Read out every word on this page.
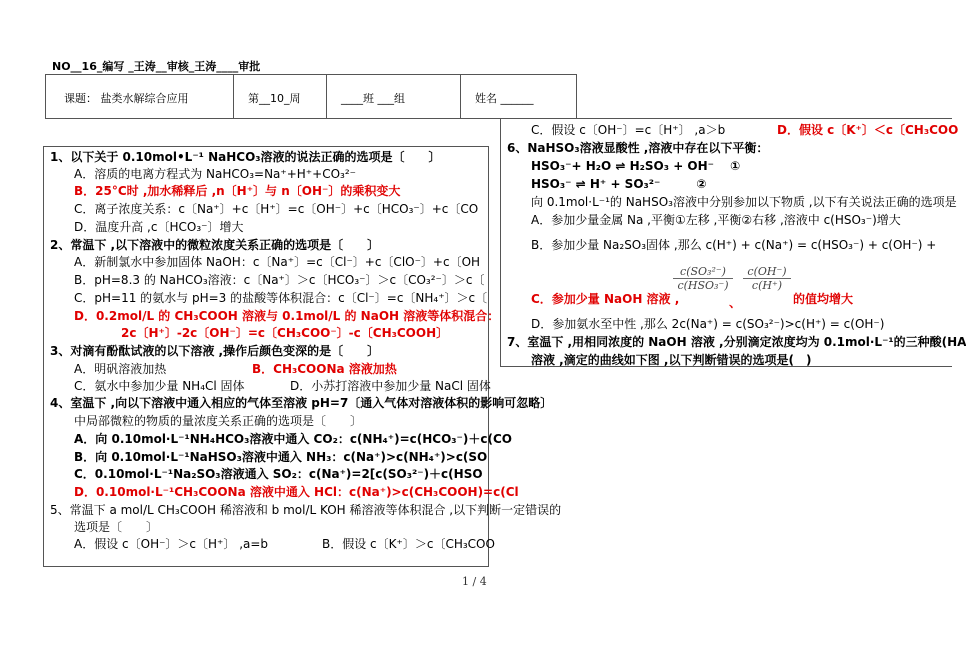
NO__16_编写 _王涛__审核_王涛____审批
课题： 盐类水解综合应用	第__10_周	____班 ___组	姓名 ______
1、以下关于 0.10mol•L⁻¹ NaHCO₃溶液的说法正确的选项是〔　　〕
A．溶质的电离方程式为 NaHCO₃=Na⁺+H⁺+CO₃²⁻
B．25°C时 ,加水稀释后 ,n〔H⁺〕与 n〔OH⁻〕的乘积变大
C．离子浓度关系：c〔Na⁺〕+c〔H⁺〕=c〔OH⁻〕+c〔HCO₃⁻〕+c〔CO
D．温度升高 ,c〔HCO₃⁻〕增大
2、常温下 ,以下溶液中的微粒浓度关系正确的选项是〔　　〕
A．新制氯水中参加固体 NaOH：c〔Na⁺〕=c〔Cl⁻〕+c〔ClO⁻〕+c〔OH
B．pH=8.3 的 NaHCO₃溶液：c〔Na⁺〕＞c〔HCO₃⁻〕＞c〔CO₃²⁻〕＞c〔
C．pH=11 的氨水与 pH=3 的盐酸等体积混合：c〔Cl⁻〕=c〔NH₄⁺〕＞c〔
D．0.2mol/L 的 CH₃COOH 溶液与 0.1mol/L 的 NaOH 溶液等体积混合：
2c〔H⁺〕-2c〔OH⁻〕=c〔CH₃COO⁻〕-c〔CH₃COOH〕
3、对滴有酚酞试液的以下溶液 ,操作后颜色变深的是〔　　〕
A．明矾溶液加热	B．CH₃COONa 溶液加热
C．氨水中参加少量 NH₄Cl 固体	D．小苏打溶液中参加少量 NaCl 固体
4、室温下 ,向以下溶液中通入相应的气体至溶液 pH=7〔通入气体对溶液体积的影响可忽略〕
中局部微粒的物质的量浓度关系正确的选项是〔　　〕
A．向 0.10mol·L⁻¹NH₄HCO₃溶液中通入 CO₂：c(NH₄⁺)=c(HCO₃⁻)＋c(CO
B．向 0.10mol·L⁻¹NaHSO₃溶液中通入 NH₃：c(Na⁺)>c(NH₄⁺)>c(SO
C．0.10mol·L⁻¹Na₂SO₃溶液通入 SO₂：c(Na⁺)=2[c(SO₃²⁻)＋c(HSO
D．0.10mol·L⁻¹CH₃COONa 溶液中通入 HCl：c(Na⁺)>c(CH₃COOH)=c(Cl
5、常温下 a mol/L CH₃COOH 稀溶液和 b mol/L KOH 稀溶液等体积混合 ,以下判断一定错误的
选项是〔　　〕
A．假设 c〔OH⁻〕＞c〔H⁺〕 ,a=b	B．假设 c〔K⁺〕＞c〔CH₃COO
C．假设 c〔OH⁻〕=c〔H⁺〕 ,a＞b	D．假设 c〔K⁺〕＜c〔CH₃COO
6、NaHSO₃溶液显酸性 ,溶液中存在以下平衡：
HSO₃⁻+ H₂O ⇌ H₂SO₃ + OH⁻　 ①
HSO₃⁻ ⇌ H⁺ + SO₃²⁻　　　②
向 0.1mol·L⁻¹的 NaHSO₃溶液中分别参加以下物质 ,以下有关说法正确的选项是
A．参加少量金属 Na ,平衡①左移 ,平衡②右移 ,溶液中 c(HSO₃⁻)增大
B．参加少量 Na₂SO₃固体 ,那么 c(H⁺) + c(Na⁺) = c(HSO₃⁻) + c(OH⁻) +
c(SO₃²⁻)
c(HSO₃⁻)	$\frac{c(OH^-)}{c(H^+)}$
C．参加少量 NaOH 溶液 ,	、	的值均增大
D．参加氨水至中性 ,那么 2c(Na⁺) = c(SO₃²⁻)>c(H⁺) = c(OH⁻)
7、室温下 ,用相同浓度的 NaOH 溶液 ,分别滴定浓度均为 0.1mol·L⁻¹的三种酸(HA
溶液 ,滴定的曲线如下图 ,以下判断错误的选项是(　)
1 / 4
